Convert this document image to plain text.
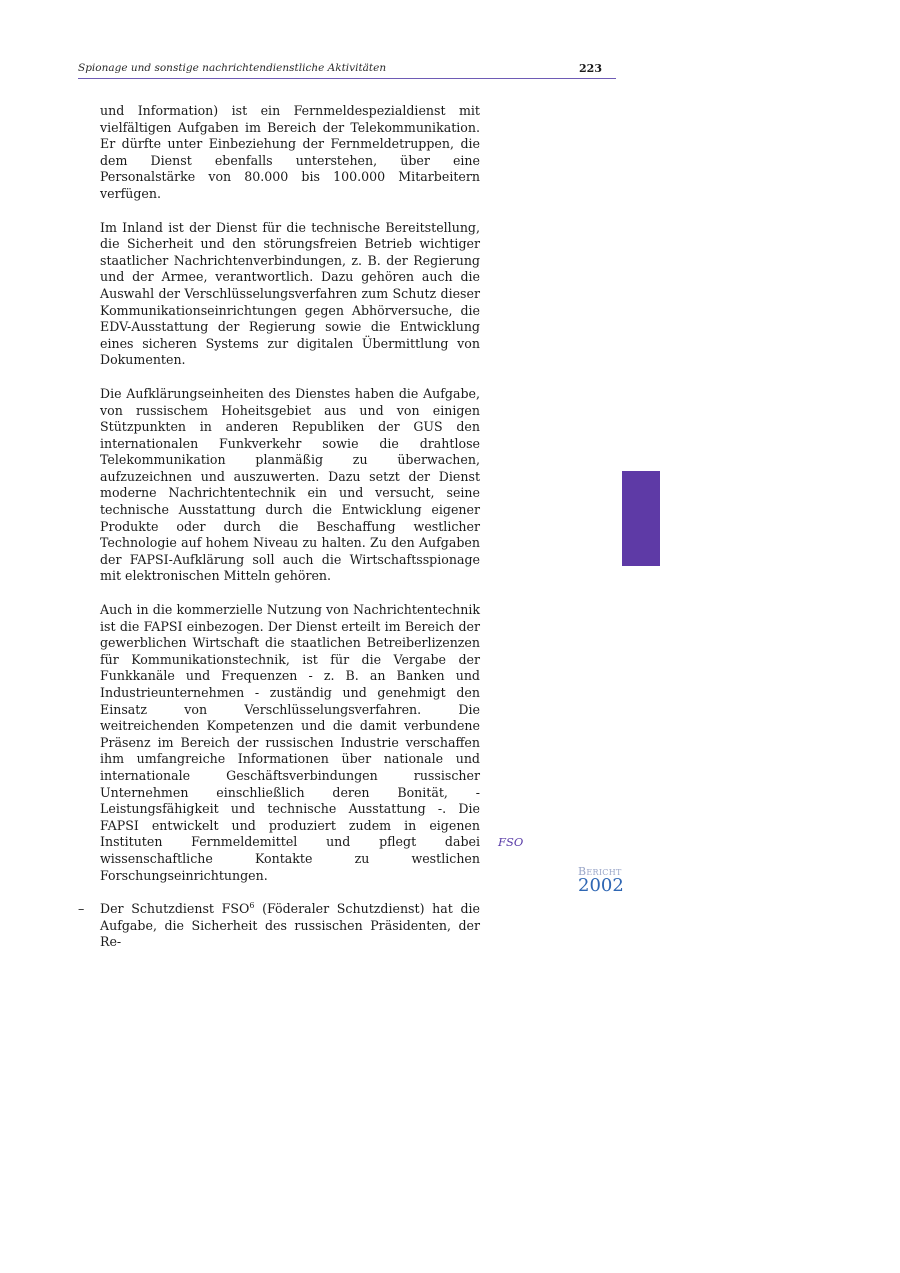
Spionage und sonstige nachrichtendienstliche Aktivitäten	223

und Information) ist ein Fernmeldespezialdienst mit vielfältigen Aufgaben im Bereich der Telekommunikation. Er dürfte unter Einbeziehung der Fernmeldetruppen, die dem Dienst ebenfalls unterstehen, über eine Personalstärke von 80.000 bis 100.000 Mitarbeitern verfügen.

Im Inland ist der Dienst für die technische Bereitstellung, die Sicherheit und den störungsfreien Betrieb wichtiger staatlicher Nachrichtenverbindungen, z. B. der Regierung und der Armee, verantwortlich. Dazu gehören auch die Auswahl der Verschlüsselungsverfahren zum Schutz dieser Kommunikationseinrichtungen gegen Abhörversuche, die EDV-Ausstattung der Regierung sowie die Entwicklung eines sicheren Systems zur digitalen Übermittlung von Dokumenten.

Die Aufklärungseinheiten des Dienstes haben die Aufgabe, von russischem Hoheitsgebiet aus und von einigen Stützpunkten in anderen Republiken der GUS den internationalen Funkverkehr sowie die drahtlose Telekommunikation planmäßig zu überwachen, aufzuzeichnen und auszuwerten. Dazu setzt der Dienst moderne Nachrichtentechnik ein und versucht, seine technische Ausstattung durch die Entwicklung eigener Produkte oder durch die Beschaffung westlicher Technologie auf hohem Niveau zu halten. Zu den Aufgaben der FAPSI-Aufklärung soll auch die Wirtschaftsspionage mit elektronischen Mitteln gehören.

Auch in die kommerzielle Nutzung von Nachrichtentechnik ist die FAPSI einbezogen. Der Dienst erteilt im Bereich der gewerblichen Wirtschaft die staatlichen Betreiberlizenzen für Kommunikationstechnik, ist für die Vergabe der Funkkanäle und Frequenzen - z. B. an Banken und Industrieunternehmen - zuständig und genehmigt den Einsatz von Verschlüsselungsverfahren. Die weitreichenden Kompetenzen und die damit verbundene Präsenz im Bereich der russischen Industrie verschaffen ihm umfangreiche Informationen über nationale und internationale Geschäftsverbindungen russischer Unternehmen einschließlich deren Bonität, - Leistungsfähigkeit und technische Ausstattung -. Die FAPSI entwickelt und produziert zudem in eigenen Instituten Fernmeldemittel und pflegt dabei wissenschaftliche Kontakte zu westlichen Forschungseinrichtungen.

– Der Schutzdienst FSO$^6$ (Föderaler Schutzdienst) hat die Aufgabe, die Sicherheit des russischen Präsidenten, der Re-

FSO
Bericht
2002
